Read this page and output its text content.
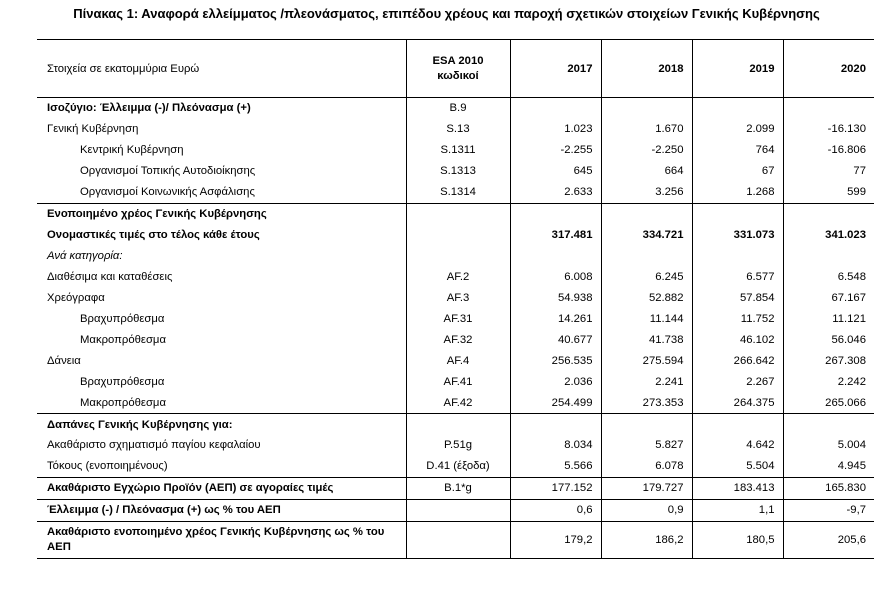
Πίνακας 1: Αναφορά ελλείμματος /πλεονάσματος, επιπέδου χρέους και παροχή σχετικών στοιχείων Γενικής Κυβέρνησης
Στοιχεία σε εκατομμύρια Ευρώ	ESA 2010
κωδικοί	2017	2018	2019	2020
Ισοζύγιο: Έλλειμμα (-)/ Πλεόνασμα (+)	B.9				
Γενική Κυβέρνηση	S.13	1.023	1.670	2.099	-16.130
Κεντρική Κυβέρνηση	S.1311	-2.255	-2.250	764	-16.806
Οργανισμοί Τοπικής Αυτοδιοίκησης	S.1313	645	664	67	77
Οργανισμοί Κοινωνικής Ασφάλισης	S.1314	2.633	3.256	1.268	599
Ενοποιημένο χρέος Γενικής Κυβέρνησης					
Ονομαστικές τιμές στο τέλος κάθε έτους		317.481	334.721	331.073	341.023
Ανά κατηγορία:					
Διαθέσιμα και καταθέσεις	AF.2	6.008	6.245	6.577	6.548
Χρεόγραφα	AF.3	54.938	52.882	57.854	67.167
Βραχυπρόθεσμα	AF.31	14.261	11.144	11.752	11.121
Μακροπρόθεσμα	AF.32	40.677	41.738	46.102	56.046
Δάνεια	AF.4	256.535	275.594	266.642	267.308
Βραχυπρόθεσμα	AF.41	2.036	2.241	2.267	2.242
Μακροπρόθεσμα	AF.42	254.499	273.353	264.375	265.066
Δαπάνες Γενικής Κυβέρνησης για:					
Ακαθάριστο σχηματισμό παγίου κεφαλαίου	P.51g	8.034	5.827	4.642	5.004
Τόκους (ενοποιημένους)	D.41 (έξοδα)	5.566	6.078	5.504	4.945
Ακαθάριστο Εγχώριο Προϊόν (ΑΕΠ) σε αγοραίες τιμές	B.1*g	177.152	179.727	183.413	165.830
Έλλειμμα (-) / Πλεόνασμα (+) ως % του ΑΕΠ		0,6	0,9	1,1	-9,7
Ακαθάριστο ενοποιημένο χρέος Γενικής Κυβέρνησης ως % του ΑΕΠ		179,2	186,2	180,5	205,6
